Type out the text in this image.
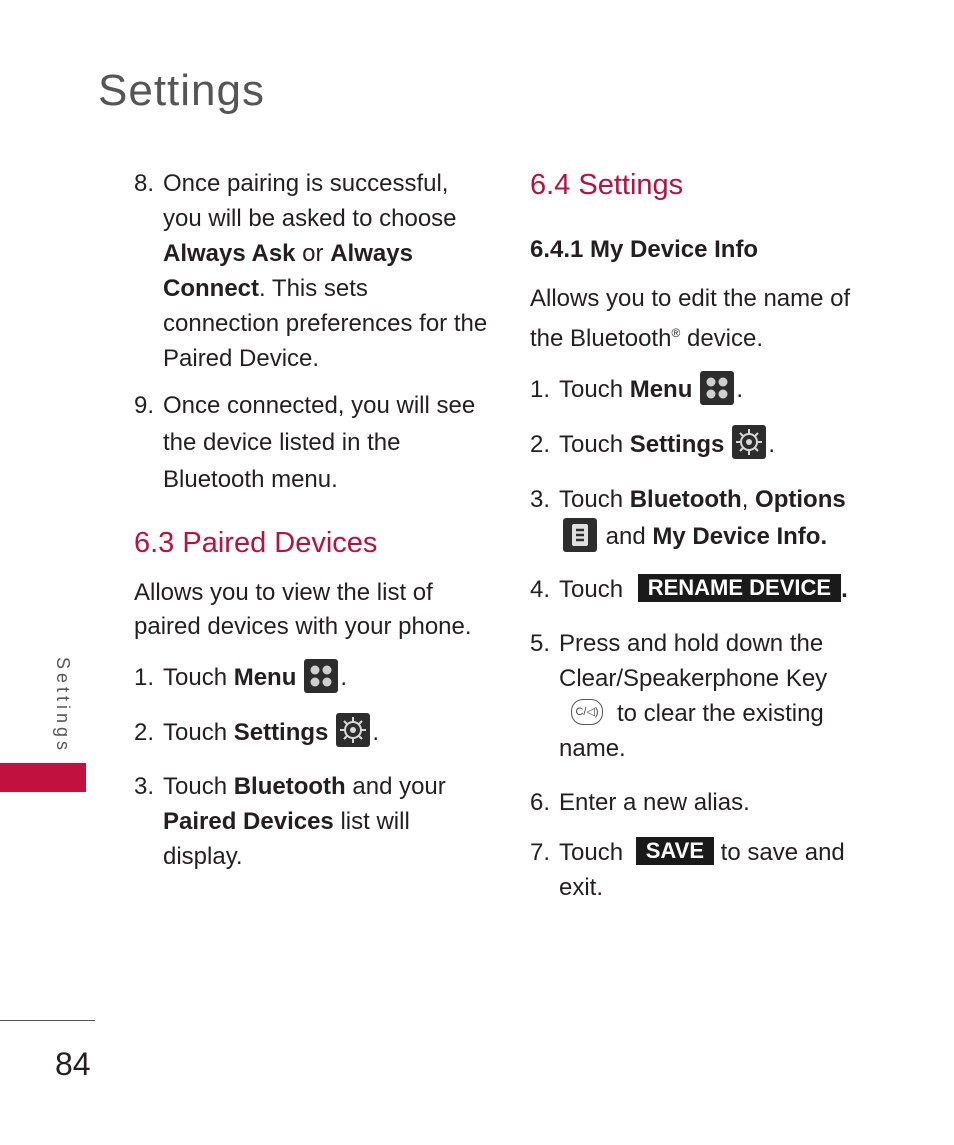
Settings
8. Once pairing is successful, you will be asked to choose Always Ask or Always Connect. This sets connection preferences for the Paired Device.
9. Once connected, you will see the device listed in the Bluetooth menu.
6.3 Paired Devices

Allows you to view the list of paired devices with your phone.

1. Touch Menu .
2. Touch Settings .
3. Touch Bluetooth and your Paired Devices list will display.
6.4 Settings
6.4.1 My Device Info

Allows you to edit the name of the Bluetooth® device.

1. Touch Menu .
2. Touch Settings .
3. Touch Bluetooth, Options

and My Device Info.
4. Touch RENAME DEVICE .
5. Press and hold down the Clear/Speakerphone Key C/◁) to clear the existing name.
6. Enter a new alias.
7. Touch SAVE to save and exit.
Settings
84
